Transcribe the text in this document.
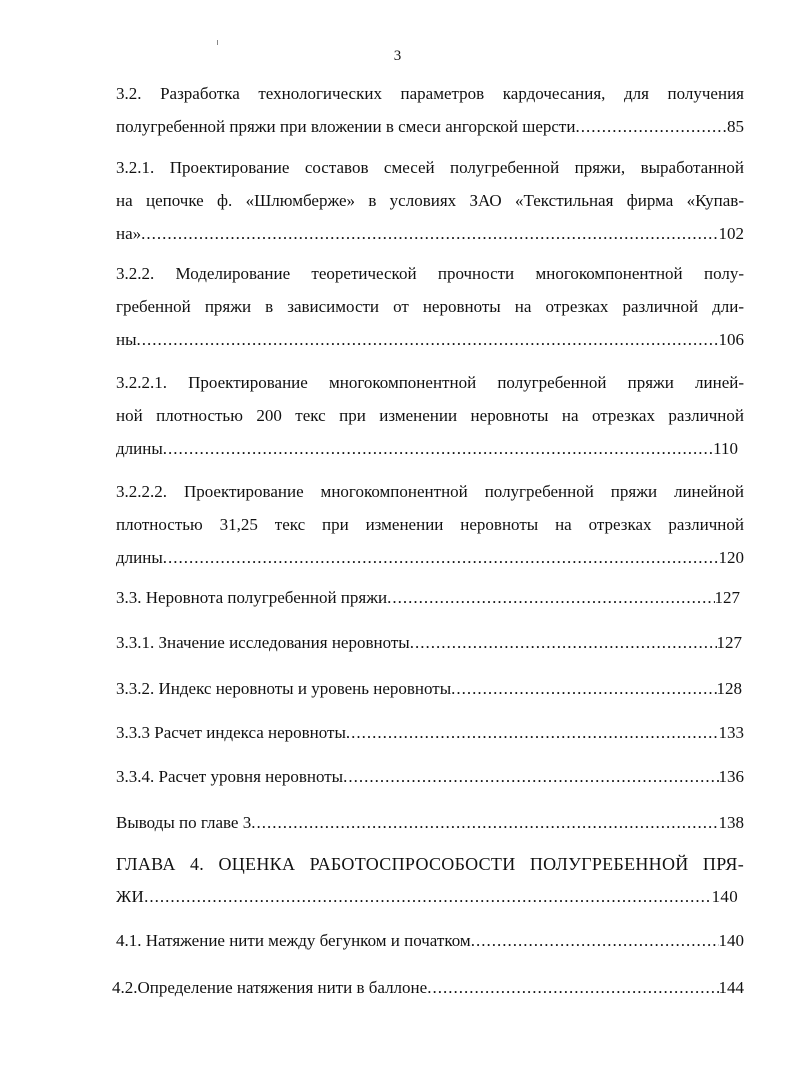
3
3.2. Разработка технологических параметров кардочесания, для получения
полугребенной пряжи при вложении в смеси ангорской шерсти .....	85
3.2.1. Проектирование составов смесей полугребенной пряжи, выработанной
на цепочке ф. «Шлюмберже» в условиях ЗАО «Текстильная фирма «Купав-
на» .....	102
3.2.2. Моделирование теоретической прочности многокомпонентной полу-
гребенной пряжи в зависимости от неровноты на отрезках различной дли-
ны .....	106
3.2.2.1. Проектирование многокомпонентной полугребенной пряжи линей-
ной плотностью 200 текс при изменении неровноты на отрезках различной
длины .....	110
3.2.2.2. Проектирование многокомпонентной полугребенной пряжи линейной
плотностью 31,25 текс при изменении неровноты на отрезках различной
длины .....	120
3.3. Неровнота полугребенной пряжи .....	127
3.3.1. Значение исследования неровноты .....	127
3.3.2. Индекс неровноты и уровень неровноты .....	128
3.3.3 Расчет индекса неровноты .....	133
3.3.4. Расчет уровня неровноты .....	136
Выводы по главе 3 .....	138
ГЛАВА 4. ОЦЕНКА РАБОТОСПРОСОБОСТИ ПОЛУГРЕБЕННОЙ ПРЯ-
ЖИ .....	140
4.1. Натяжение нити между бегунком и початком .....	140
4.2.Определение натяжения нити в баллоне .....	144
